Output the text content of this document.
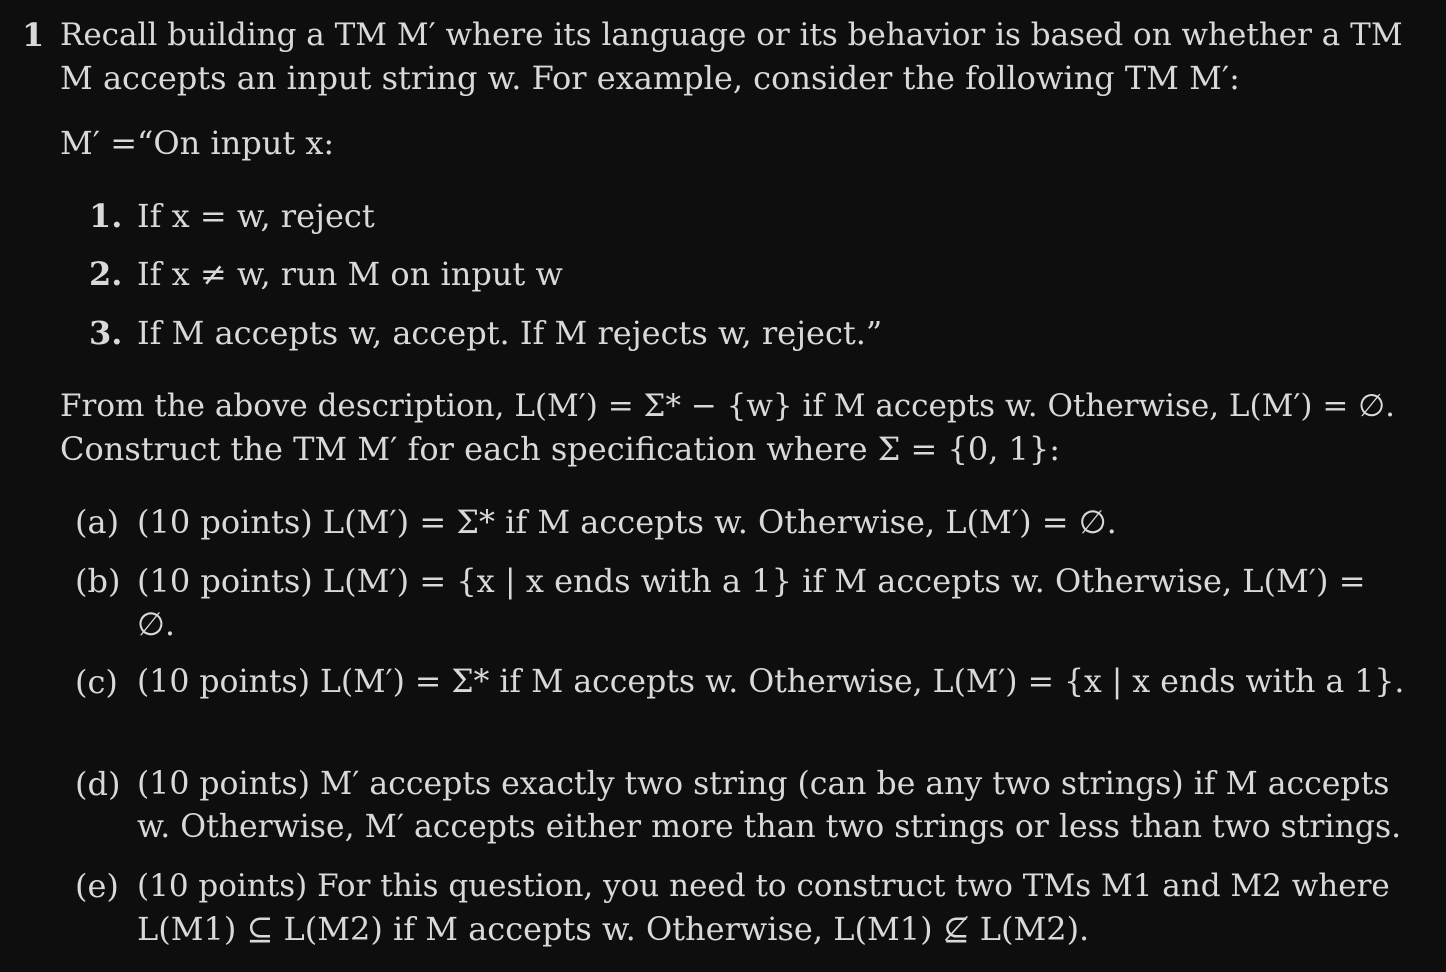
1 Recall building a TM M′ where its language or its behavior is based on whether a TM
M accepts an input string w. For example, consider the following TM M′:
M′ =“On input x:
1. If x = w, reject
2. If x ≠ w, run M on input w
3. If M accepts w, accept. If M rejects w, reject.”
From the above description, L(M′) = Σ* − {w} if M accepts w. Otherwise, L(M′) = ∅.
Construct the TM M′ for each specification where Σ = {0, 1}:
(a) (10 points) L(M′) = Σ* if M accepts w. Otherwise, L(M′) = ∅.
(b) (10 points) L(M′) = {x | x ends with a 1} if M accepts w. Otherwise, L(M′) =
∅.
(c) (10 points) L(M′) = Σ* if M accepts w. Otherwise, L(M′) = {x | x ends with a 1}.
(d) (10 points) M′ accepts exactly two string (can be any two strings) if M accepts
w. Otherwise, M′ accepts either more than two strings or less than two strings.
(e) (10 points) For this question, you need to construct two TMs M1 and M2 where
L(M1) ⊆ L(M2) if M accepts w. Otherwise, L(M1) ⊈ L(M2).
